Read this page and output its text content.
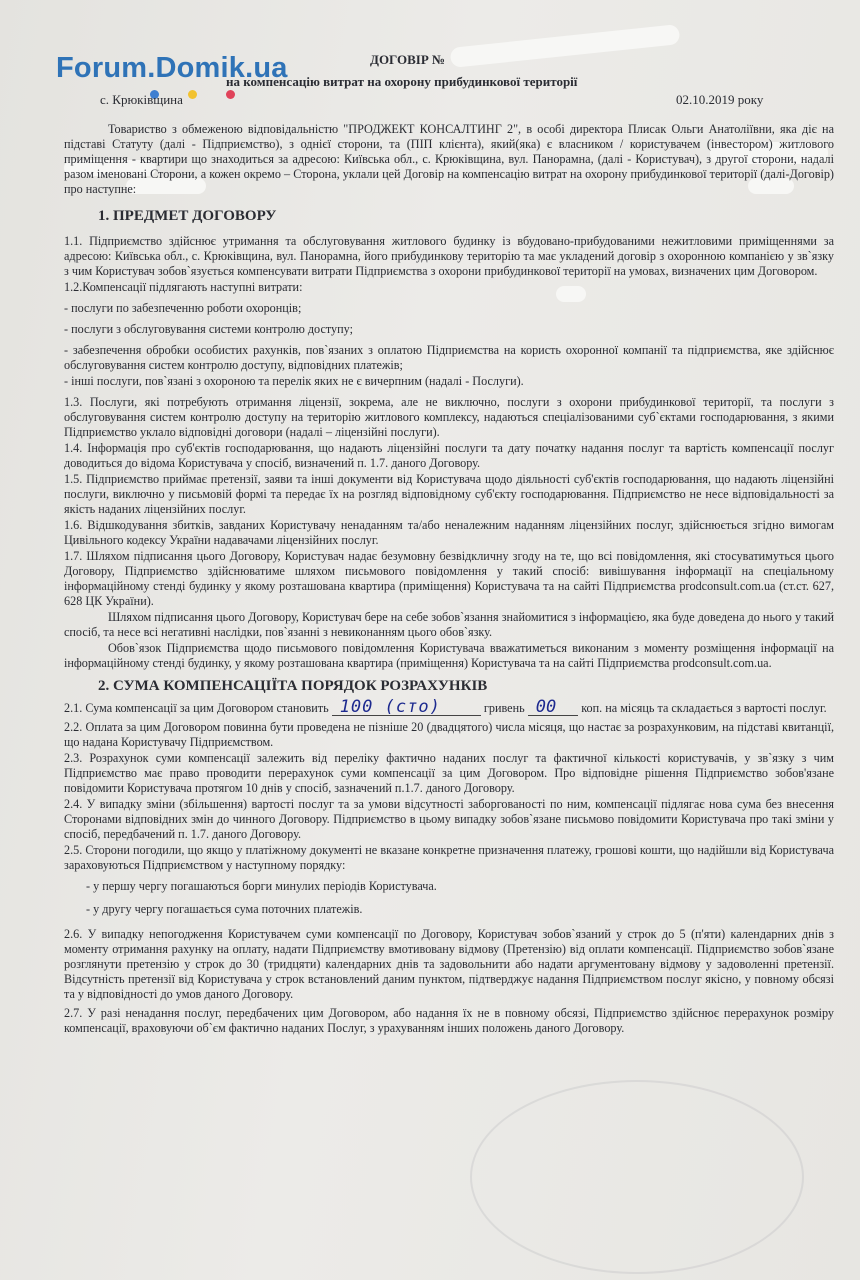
Forum.Domik.ua	ДОГОВІР №
на компенсацію витрат на охорону прибудинкової території
с. Крюківщина	02.10.2019 року

Товариство з обмеженою відповідальністю "ПРОДЖЕКТ КОНСАЛТИНГ 2", в особі директора Плисак Ольги Анатоліївни, яка діє на підставі Статуту (далі - Підприємство), з однієї сторони, та (ПІП клієнта), який(яка) є власником / користувачем (інвестором) житлового приміщення - квартири що знаходиться за адресою: Київська обл., с. Крюківщина, вул. Панорамна, (далі - Користувач), з другої сторони, надалі разом іменовані Сторони, а кожен окремо – Сторона, уклали цей Договір на компенсацію витрат на охорону прибудинкової території (далі-Договір) про наступне:

1. ПРЕДМЕТ ДОГОВОРУ

1.1. Підприємство здійснює утримання та обслуговування житлового будинку із вбудовано-прибудованими нежитловими приміщеннями за адресою: Київська обл., с. Крюківщина, вул. Панорамна, його прибудинкову територію та має укладений договір з охоронною компанією у зв`язку з чим Користувач зобов`язується компенсувати витрати Підприємства з охорони прибудинкової території на умовах, визначених цим Договором.

1.2.Компенсації підлягають наступні витрати:

- послуги по забезпеченню роботи охоронців;

- послуги з обслуговування системи контролю доступу;

- забезпечення обробки особистих рахунків, пов`язаних з оплатою Підприємства на користь охоронної компанії та підприємства, яке здійснює обслуговування систем контролю доступу, відповідних платежів;

- інші послуги, пов`язані з охороною та перелік яких не є вичерпним (надалі - Послуги).

1.3. Послуги, які потребують отримання ліцензії, зокрема, але не виключно, послуги з охорони прибудинкової території, та послуги з обслуговування систем контролю доступу на територію житлового комплексу, надаються спеціалізованими суб`єктами господарювання, з якими Підприємство уклало відповідні договори (надалі – ліцензійні послуги).

1.4. Інформація про суб'єктів господарювання, що надають ліцензійні послуги та дату початку надання послуг та вартість компенсації послуг доводиться до відома Користувача у спосіб, визначений п. 1.7. даного Договору.

1.5. Підприємство приймає претензії, заяви та інші документи від Користувача щодо діяльності суб'єктів господарювання, що надають ліцензійні послуги, виключно у письмовій формі та передає їх на розгляд відповідному суб'єкту господарювання. Підприємство не несе відповідальності за якість наданих ліцензійних послуг.

1.6. Відшкодування збитків, завданих Користувачу ненаданням та/або неналежним наданням ліцензійних послуг, здійснюється згідно вимогам Цивільного кодексу України надавачами ліцензійних послуг.

1.7. Шляхом підписання цього Договору, Користувач надає безумовну безвідкличну згоду на те, що всі повідомлення, які стосуватимуться цього Договору, Підприємство здійснюватиме шляхом письмового повідомлення у такий спосіб: вивішування інформації на спеціальному інформаційному стенді будинку у якому розташована квартира (приміщення) Користувача та на сайті Підприємства prodconsult.com.ua (ст.ст. 627, 628 ЦК України).

Шляхом підписання цього Договору, Користувач бере на себе зобов`язання знайомитися з інформацією, яка буде доведена до нього у такий спосіб, та несе всі негативні наслідки, пов`язанні з невиконанням цього обов`язку.

Обов`язок Підприємства щодо письмового повідомлення Користувача вважатиметься виконаним з моменту розміщення інформації на інформаційному стенді будинку, у якому розташована квартира (приміщення) Користувача та на сайті Підприємства prodconsult.com.ua.

2. СУМА КОМПЕНСАЦІЇТА ПОРЯДОК РОЗРАХУНКІВ

2.1. Сума компенсації за цим Договором становить 100 (сто)	гривень 00 коп. на місяць та складається з вартості послуг.

2.2. Оплата за цим Договором повинна бути проведена не пізніше 20 (двадцятого) числа місяця, що настає за розрахунковим, на підставі квитанції, що надана Користувачу Підприємством.

2.3. Розрахунок суми компенсації залежить від переліку фактично наданих послуг та фактичної кількості користувачів, у зв`язку з чим Підприємство має право проводити перерахунок суми компенсації за цим Договором. Про відповідне рішення Підприємство зобов'язане повідомити Користувача протягом 10 днів у спосіб, зазначений п.1.7. даного Договору.

2.4. У випадку зміни (збільшення) вартості послуг та за умови відсутності заборгованості по ним, компенсації підлягає нова сума без внесення Сторонами відповідних змін до чинного Договору. Підприємство в цьому випадку зобов`язане письмово повідомити Користувача про такі зміни у спосіб, передбачений п. 1.7. даного Договору.

2.5. Сторони погодили, що якщо у платіжному документі не вказане конкретне призначення платежу, грошові кошти, що надійшли від Користувача зараховуються Підприємством у наступному порядку:

- у першу чергу погашаються борги минулих періодів Користувача.

- у другу чергу погашається сума поточних платежів.

2.6. У випадку непогодження Користувачем суми компенсації по Договору, Користувач зобов`язаний у строк до 5 (п'яти) календарних днів з моменту отримання рахунку на оплату, надати Підприємству вмотивовану відмову (Претензію) від оплати компенсації. Підприємство зобов`язане розглянути претензію у строк до 30 (тридцяти) календарних днів та задовольнити або надати аргументовану відмову у задоволенні претензії. Відсутність претензії від Користувача у строк встановлений даним пунктом, підтверджує надання Підприємством послуг якісно, у повному обсязі та у відповідності до умов даного Договору.

2.7. У разі ненадання послуг, передбачених цим Договором, або надання їх не в повному обсязі, Підприємство здійснює перерахунок розміру компенсації, враховуючи об`єм фактично наданих Послуг, з урахуванням інших положень даного Договору.
